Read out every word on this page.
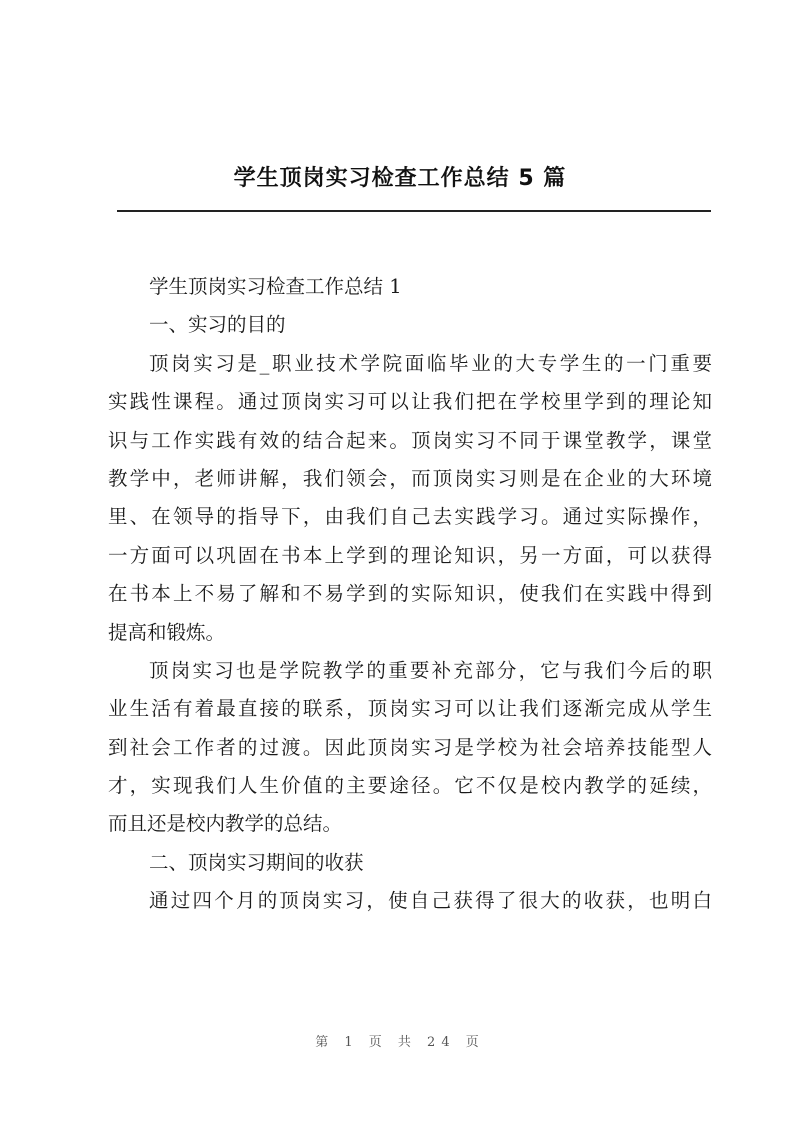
学生顶岗实习检查工作总结 5 篇
学生顶岗实习检查工作总结 1
一、实习的目的
顶岗实习是_职业技术学院面临毕业的大专学生的一门重要
实践性课程。通过顶岗实习可以让我们把在学校里学到的理论知
识与工作实践有效的结合起来。顶岗实习不同于课堂教学，课堂
教学中，老师讲解，我们领会，而顶岗实习则是在企业的大环境
里、在领导的指导下，由我们自己去实践学习。通过实际操作，
一方面可以巩固在书本上学到的理论知识，另一方面，可以获得
在书本上不易了解和不易学到的实际知识，使我们在实践中得到
提高和锻炼。
顶岗实习也是学院教学的重要补充部分，它与我们今后的职
业生活有着最直接的联系，顶岗实习可以让我们逐渐完成从学生
到社会工作者的过渡。因此顶岗实习是学校为社会培养技能型人
才，实现我们人生价值的主要途径。它不仅是校内教学的延续，
而且还是校内教学的总结。
二、顶岗实习期间的收获
通过四个月的顶岗实习，使自己获得了很大的收获，也明白
第 1 页 共 24 页
